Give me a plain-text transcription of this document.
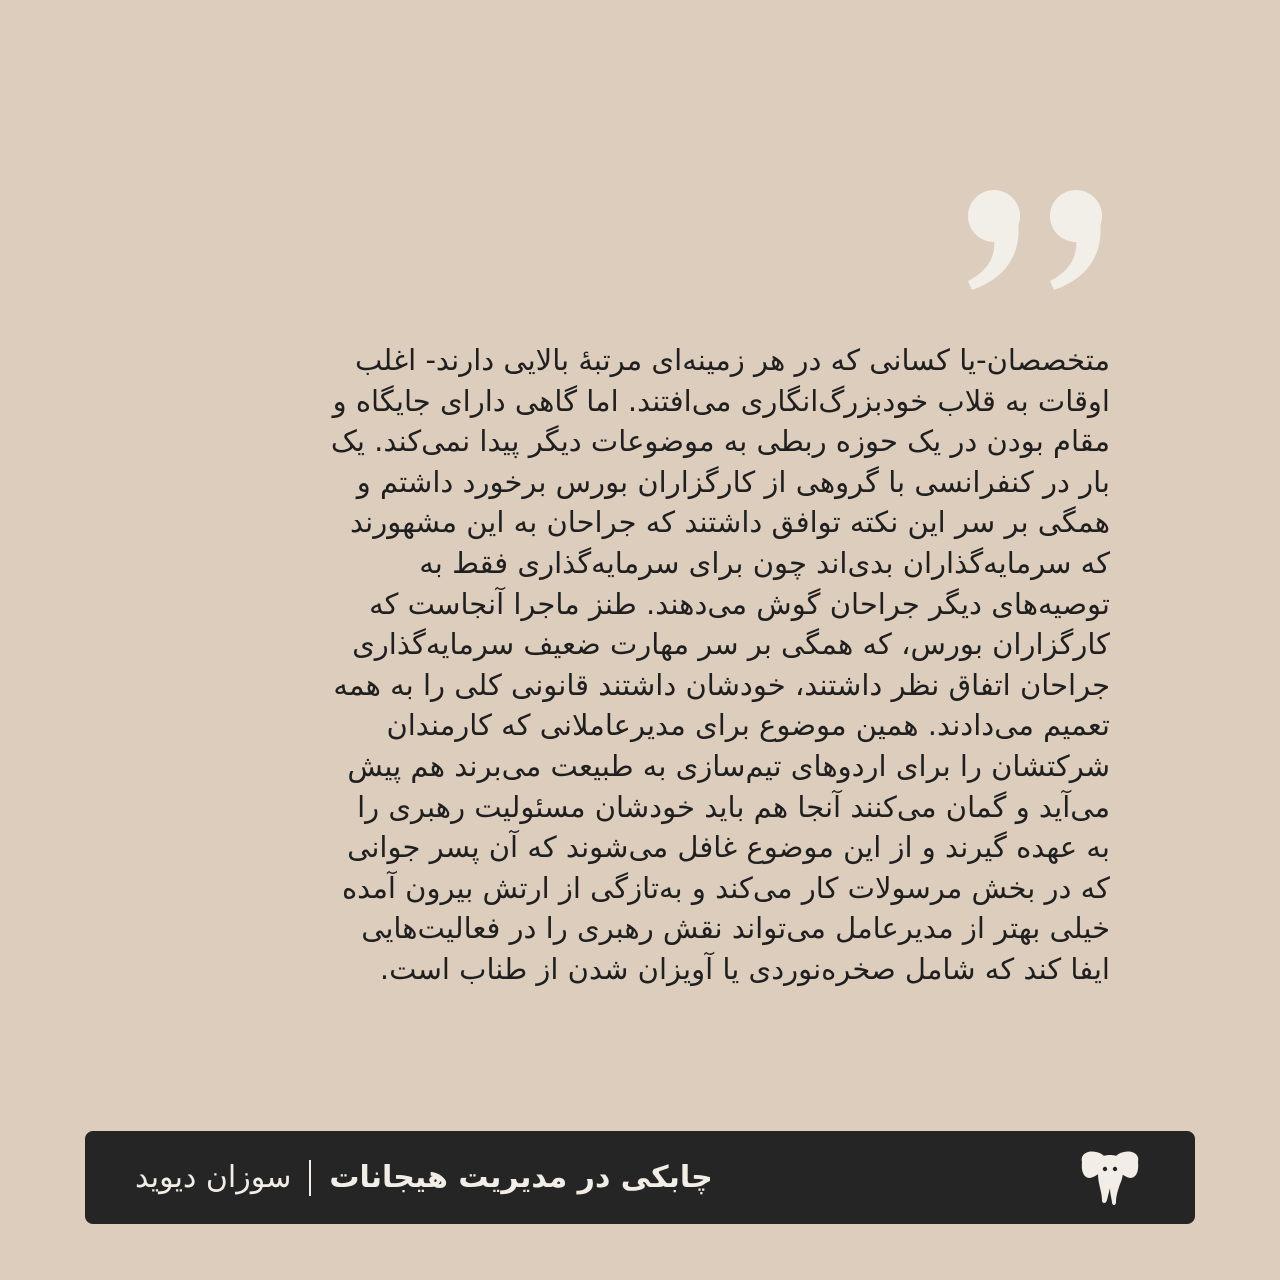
متخصصان-یا کسانی که در هر زمینه‌ای مرتبهٔ بالایی دارند- اغلب
اوقات به قلاب خودبزرگ‌انگاری می‌افتند. اما گاهی دارای جایگاه و
مقام بودن در یک حوزه ربطی به موضوعات دیگر پیدا نمی‌کند. یک
بار در کنفرانسی با گروهی از کارگزاران بورس برخورد داشتم و
همگی بر سر این نکته توافق داشتند که جراحان به این مشهورند
که سرمایه‌گذاران بدی‌اند چون برای سرمایه‌گذاری فقط به
توصیه‌های دیگر جراحان گوش می‌دهند. طنز ماجرا آنجاست که
کارگزاران بورس، که همگی بر سر مهارت ضعیف سرمایه‌گذاری
جراحان اتفاق نظر داشتند، خودشان داشتند قانونی کلی را به همه
تعمیم می‌دادند. همین موضوع برای مدیرعاملانی که کارمندان
شرکتشان را برای اردوهای تیم‌سازی به طبیعت می‌برند هم پیش
می‌آید و گمان می‌کنند آنجا هم باید خودشان مسئولیت رهبری را
به عهده گیرند و از این موضوع غافل می‌شوند که آن پسر جوانی
که در بخش مرسولات کار می‌کند و به‌تازگی از ارتش بیرون آمده
خیلی بهتر از مدیرعامل می‌تواند نقش رهبری را در فعالیت‌هایی
ایفا کند که شامل صخره‌نوردی یا آویزان شدن از طناب است.
چابکی در مدیریت هیجانات
سوزان دیوید
